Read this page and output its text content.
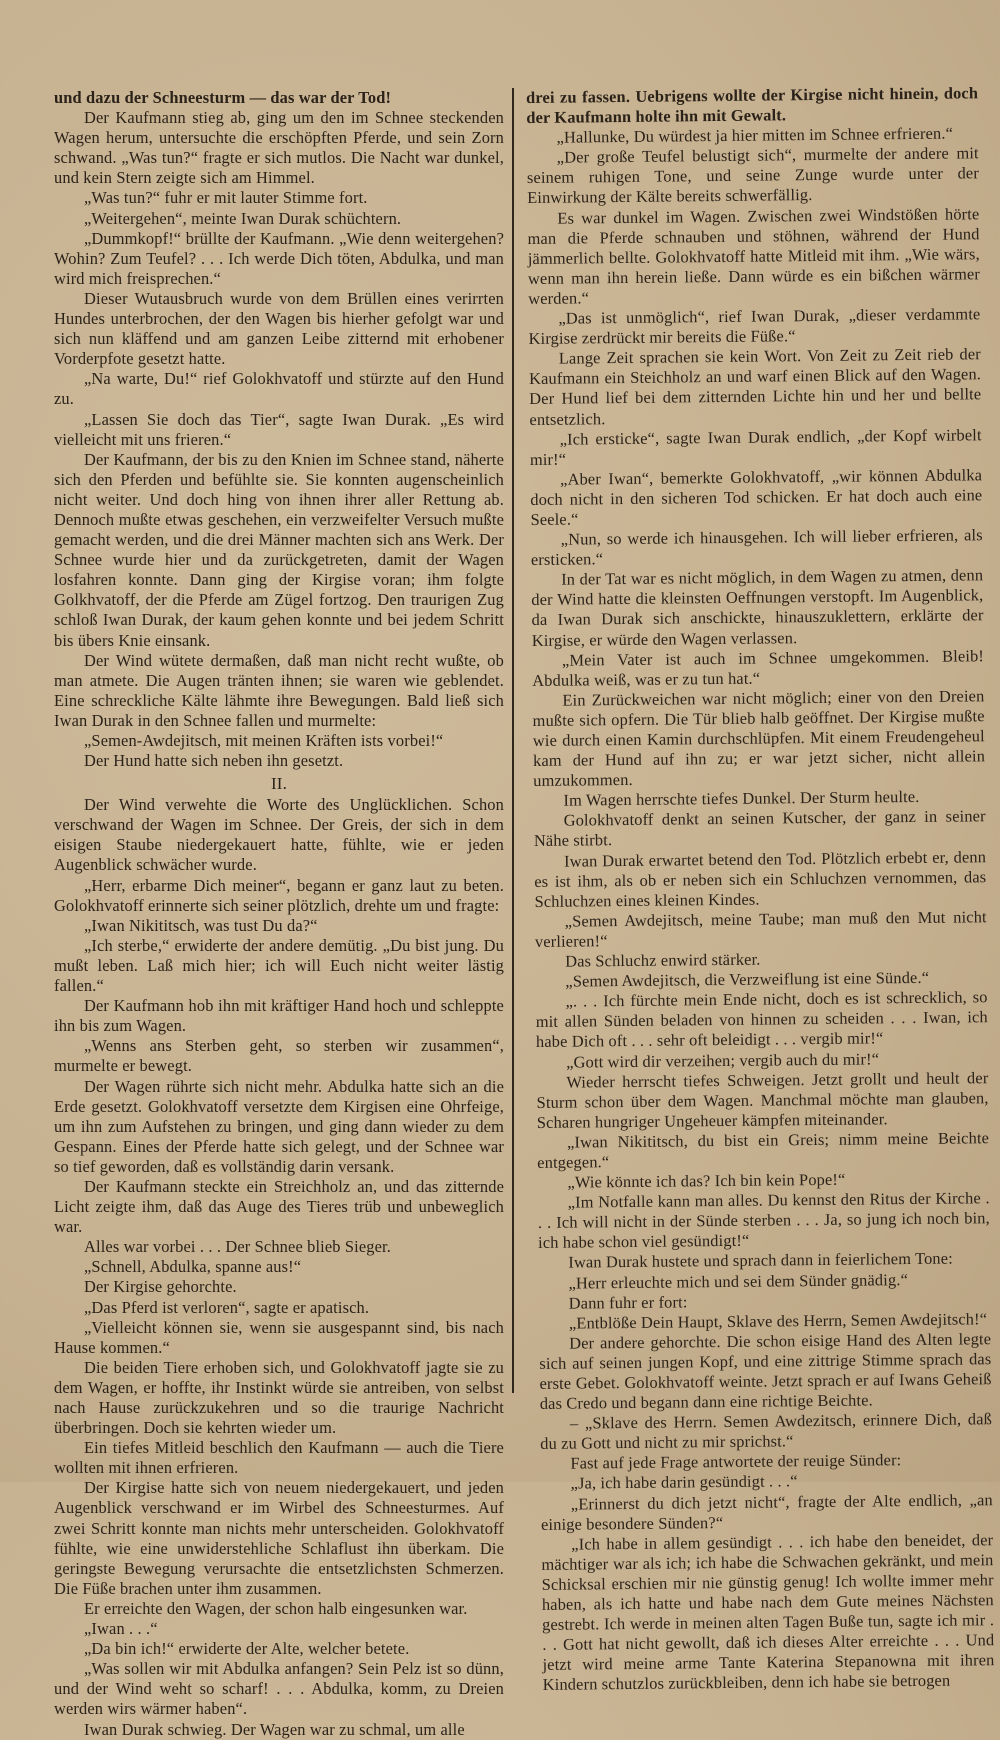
und dazu der Schneesturm — das war der Tod!

Der Kaufmann stieg ab, ging um den im Schnee steckenden Wagen herum, untersuchte die erschöpften Pferde, und sein Zorn schwand. „Was tun?“ fragte er sich mutlos. Die Nacht war dunkel, und kein Stern zeigte sich am Himmel.

„Was tun?“ fuhr er mit lauter Stimme fort.

„Weitergehen“, meinte Iwan Durak schüchtern.

„Dummkopf!“ brüllte der Kaufmann. „Wie denn weitergehen? Wohin? Zum Teufel? . . . Ich werde Dich töten, Abdulka, und man wird mich freisprechen.“

Dieser Wutausbruch wurde von dem Brüllen eines verirrten Hundes unterbrochen, der den Wagen bis hierher gefolgt war und sich nun kläffend und am ganzen Leibe zitternd mit erhobener Vorderpfote gesetzt hatte.

„Na warte, Du!“ rief Golokhvatoff und stürzte auf den Hund zu.

„Lassen Sie doch das Tier“, sagte Iwan Durak. „Es wird vielleicht mit uns frieren.“

Der Kaufmann, der bis zu den Knien im Schnee stand, näherte sich den Pferden und befühlte sie. Sie konnten augenscheinlich nicht weiter. Und doch hing von ihnen ihrer aller Rettung ab. Dennoch mußte etwas geschehen, ein verzweifelter Versuch mußte gemacht werden, und die drei Männer machten sich ans Werk. Der Schnee wurde hier und da zurückgetreten, damit der Wagen losfahren konnte. Dann ging der Kirgise voran; ihm folgte Golkhvatoff, der die Pferde am Zügel fortzog. Den traurigen Zug schloß Iwan Durak, der kaum gehen konnte und bei jedem Schritt bis übers Knie einsank.

Der Wind wütete dermaßen, daß man nicht recht wußte, ob man atmete. Die Augen tränten ihnen; sie waren wie geblendet. Eine schreckliche Kälte lähmte ihre Bewegungen. Bald ließ sich Iwan Durak in den Schnee fallen und murmelte:

„Semen-Awdejitsch, mit meinen Kräften ists vorbei!“

Der Hund hatte sich neben ihn gesetzt.

II.

Der Wind verwehte die Worte des Unglücklichen. Schon verschwand der Wagen im Schnee. Der Greis, der sich in dem eisigen Staube niedergekauert hatte, fühlte, wie er jeden Augenblick schwächer wurde.

„Herr, erbarme Dich meiner“, begann er ganz laut zu beten. Golokhvatoff erinnerte sich seiner plötzlich, drehte um und fragte:

„Iwan Nikititsch, was tust Du da?“

„Ich sterbe,“ erwiderte der andere demütig. „Du bist jung. Du mußt leben. Laß mich hier; ich will Euch nicht weiter lästig fallen.“

Der Kaufmann hob ihn mit kräftiger Hand hoch und schleppte ihn bis zum Wagen.

„Wenns ans Sterben geht, so sterben wir zusammen“, murmelte er bewegt.

Der Wagen rührte sich nicht mehr. Abdulka hatte sich an die Erde gesetzt. Golokhvatoff versetzte dem Kirgisen eine Ohrfeige, um ihn zum Aufstehen zu bringen, und ging dann wieder zu dem Gespann. Eines der Pferde hatte sich gelegt, und der Schnee war so tief geworden, daß es vollständig darin versank.

Der Kaufmann steckte ein Streichholz an, und das zitternde Licht zeigte ihm, daß das Auge des Tieres trüb und unbeweglich war.

Alles war vorbei . . . Der Schnee blieb Sieger.

„Schnell, Abdulka, spanne aus!“

Der Kirgise gehorchte.

„Das Pferd ist verloren“, sagte er apatisch.

„Vielleicht können sie, wenn sie ausgespannt sind, bis nach Hause kommen.“

Die beiden Tiere erhoben sich, und Golokhvatoff jagte sie zu dem Wagen, er hoffte, ihr Instinkt würde sie antreiben, von selbst nach Hause zurückzukehren und so die traurige Nachricht überbringen. Doch sie kehrten wieder um.

Ein tiefes Mitleid beschlich den Kaufmann — auch die Tiere wollten mit ihnen erfrieren.

Der Kirgise hatte sich von neuem niedergekauert, und jeden Augenblick verschwand er im Wirbel des Schneesturmes. Auf zwei Schritt konnte man nichts mehr unterscheiden. Golokhvatoff fühlte, wie eine unwiderstehliche Schlaflust ihn überkam. Die geringste Bewegung verursachte die entsetzlichsten Schmerzen. Die Füße brachen unter ihm zusammen.

Er erreichte den Wagen, der schon halb eingesunken war.

„Iwan . . .“

„Da bin ich!“ erwiderte der Alte, welcher betete.

„Was sollen wir mit Abdulka anfangen? Sein Pelz ist so dünn, und der Wind weht so scharf! . . . Abdulka, komm, zu Dreien werden wirs wärmer haben“.

Iwan Durak schwieg. Der Wagen war zu schmal, um alle

drei zu fassen. Uebrigens wollte der Kirgise nicht hinein, doch der Kaufmann holte ihn mit Gewalt.

„Hallunke, Du würdest ja hier mitten im Schnee erfrieren.“

„Der große Teufel belustigt sich“, murmelte der andere mit seinem ruhigen Tone, und seine Zunge wurde unter der Einwirkung der Kälte bereits schwerfällig.

Es war dunkel im Wagen. Zwischen zwei Windstößen hörte man die Pferde schnauben und stöhnen, während der Hund jämmerlich bellte. Golokhvatoff hatte Mitleid mit ihm. „Wie wärs, wenn man ihn herein ließe. Dann würde es ein bißchen wärmer werden.“

„Das ist unmöglich“, rief Iwan Durak, „dieser verdammte Kirgise zerdrückt mir bereits die Füße.“

Lange Zeit sprachen sie kein Wort. Von Zeit zu Zeit rieb der Kaufmann ein Steichholz an und warf einen Blick auf den Wagen. Der Hund lief bei dem zitternden Lichte hin und her und bellte entsetzlich.

„Ich ersticke“, sagte Iwan Durak endlich, „der Kopf wirbelt mir!“

„Aber Iwan“, bemerkte Golokhvatoff, „wir können Abdulka doch nicht in den sicheren Tod schicken. Er hat doch auch eine Seele.“

„Nun, so werde ich hinausgehen. Ich will lieber erfrieren, als ersticken.“

In der Tat war es nicht möglich, in dem Wagen zu atmen, denn der Wind hatte die kleinsten Oeffnungen verstopft. Im Augenblick, da Iwan Durak sich anschickte, hinauszuklettern, erklärte der Kirgise, er würde den Wagen verlassen.

„Mein Vater ist auch im Schnee umgekommen. Bleib! Abdulka weiß, was er zu tun hat.“

Ein Zurückweichen war nicht möglich; einer von den Dreien mußte sich opfern. Die Tür blieb halb geöffnet. Der Kirgise mußte wie durch einen Kamin durchschlüpfen. Mit einem Freudengeheul kam der Hund auf ihn zu; er war jetzt sicher, nicht allein umzukommen.

Im Wagen herrschte tiefes Dunkel. Der Sturm heulte.

Golokhvatoff denkt an seinen Kutscher, der ganz in seiner Nähe stirbt.

Iwan Durak erwartet betend den Tod. Plötzlich erbebt er, denn es ist ihm, als ob er neben sich ein Schluchzen vernommen, das Schluchzen eines kleinen Kindes.

„Semen Awdejitsch, meine Taube; man muß den Mut nicht verlieren!“

Das Schluchz enwird stärker.

„Semen Awdejitsch, die Verzweiflung ist eine Sünde.“

„. . . Ich fürchte mein Ende nicht, doch es ist schrecklich, so mit allen Sünden beladen von hinnen zu scheiden . . . Iwan, ich habe Dich oft . . . sehr oft beleidigt . . . vergib mir!“

„Gott wird dir verzeihen; vergib auch du mir!“

Wieder herrscht tiefes Schweigen. Jetzt grollt und heult der Sturm schon über dem Wagen. Manchmal möchte man glauben, Scharen hungriger Ungeheuer kämpfen miteinander.

„Iwan Nikititsch, du bist ein Greis; nimm meine Beichte entgegen.“

„Wie könnte ich das? Ich bin kein Pope!“

„Im Notfalle kann man alles. Du kennst den Ritus der Kirche . . . Ich will nicht in der Sünde sterben . . . Ja, so jung ich noch bin, ich habe schon viel gesündigt!“

Iwan Durak hustete und sprach dann in feierlichem Tone:

„Herr erleuchte mich und sei dem Sünder gnädig.“

Dann fuhr er fort:

„Entblöße Dein Haupt, Sklave des Herrn, Semen Awdejitsch!“

Der andere gehorchte. Die schon eisige Hand des Alten legte sich auf seinen jungen Kopf, und eine zittrige Stimme sprach das erste Gebet. Golokhvatoff weinte. Jetzt sprach er auf Iwans Geheiß das Credo und begann dann eine richtige Beichte.

– „Sklave des Herrn. Semen Awdezitsch, erinnere Dich, daß du zu Gott und nicht zu mir sprichst.“

Fast auf jede Frage antwortete der reuige Sünder:

„Ja, ich habe darin gesündigt . . .“

„Erinnerst du dich jetzt nicht“, fragte der Alte endlich, „an einige besondere Sünden?“

„Ich habe in allem gesündigt . . . ich habe den beneidet, der mächtiger war als ich; ich habe die Schwachen gekränkt, und mein Schicksal erschien mir nie günstig genug! Ich wollte immer mehr haben, als ich hatte und habe nach dem Gute meines Nächsten gestrebt. Ich werde in meinen alten Tagen Buße tun, sagte ich mir . . . Gott hat nicht gewollt, daß ich dieses Alter erreichte . . . Und jetzt wird meine arme Tante Katerina Stepanowna mit ihren Kindern schutzlos zurückbleiben, denn ich habe sie betrogen
